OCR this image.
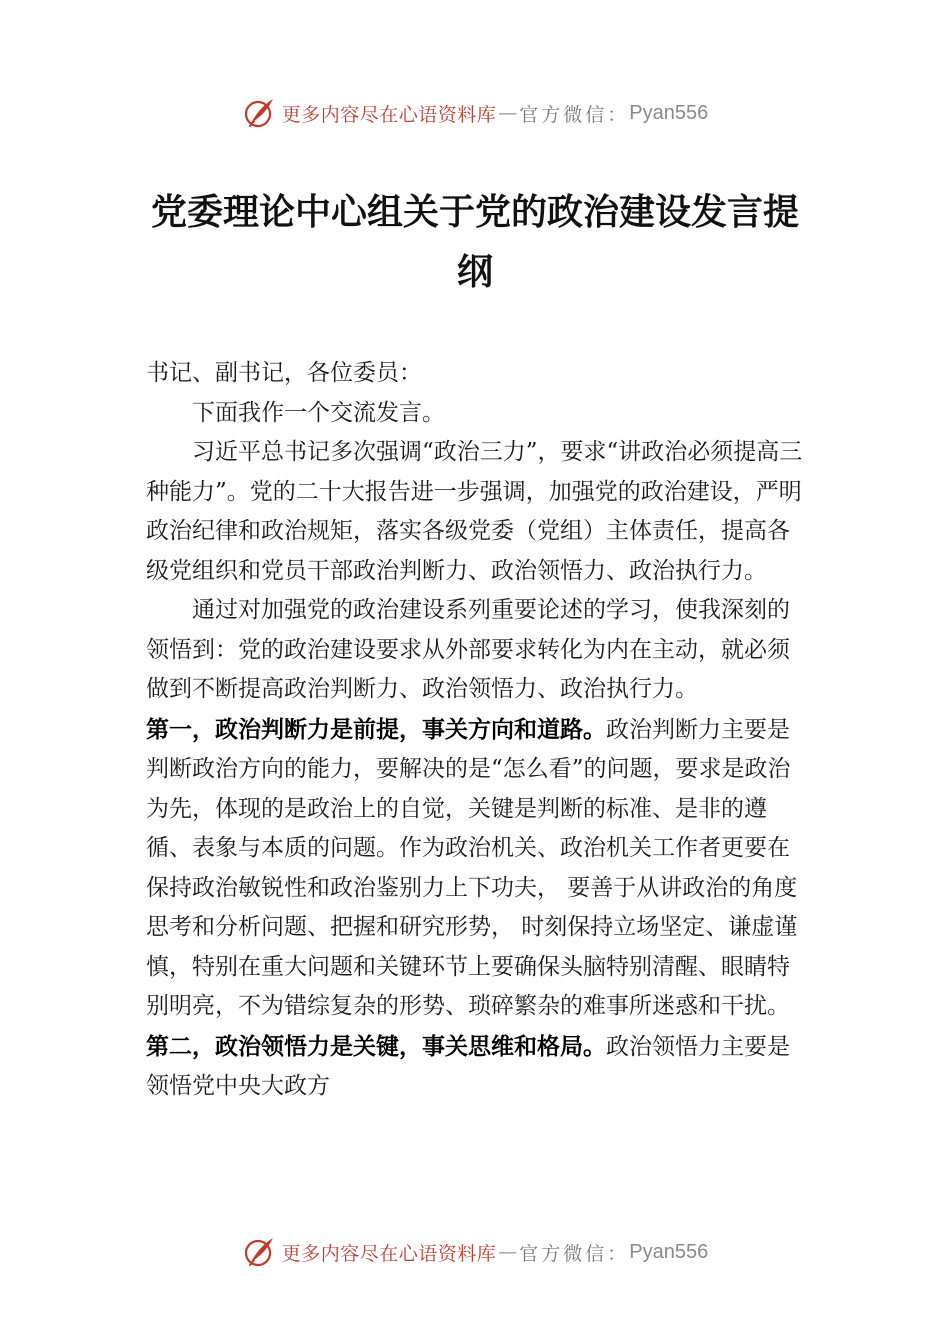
更多内容尽在心语资料库 — 官方微信： Pyan556
党委理论中心组关于党的政治建设发言提纲

书记、副书记，各位委员：

下面我作一个交流发言。

习近平总书记多次强调“政治三力”，要求“讲政治必须提高三种能力”。党的二十大报告进一步强调，加强党的政治建设，严明政治纪律和政治规矩，落实各级党委（党组）主体责任，提高各级党组织和党员干部政治判断力、政治领悟力、政治执行力。

通过对加强党的政治建设系列重要论述的学习，使我深刻的领悟到：党的政治建设要求从外部要求转化为内在主动，就必须做到不断提高政治判断力、政治领悟力、政治执行力。

第一，政治判断力是前提，事关方向和道路。政治判断力主要是判断政治方向的能力，要解决的是“怎么看”的问题，要求是政治为先，体现的是政治上的自觉，关键是判断的标准、是非的遵循、表象与本质的问题。作为政治机关、政治机关工作者更要在保持政治敏锐性和政治鉴别力上下功夫， 要善于从讲政治的角度思考和分析问题、把握和研究形势， 时刻保持立场坚定、谦虚谨慎，特别在重大问题和关键环节上要确保头脑特别清醒、眼睛特别明亮，不为错综复杂的形势、琐碎繁杂的难事所迷惑和干扰。第二，政治领悟力是关键，事关思维和格局。政治领悟力主要是领悟党中央大政方

更多内容尽在心语资料库 — 官方微信： Pyan556
